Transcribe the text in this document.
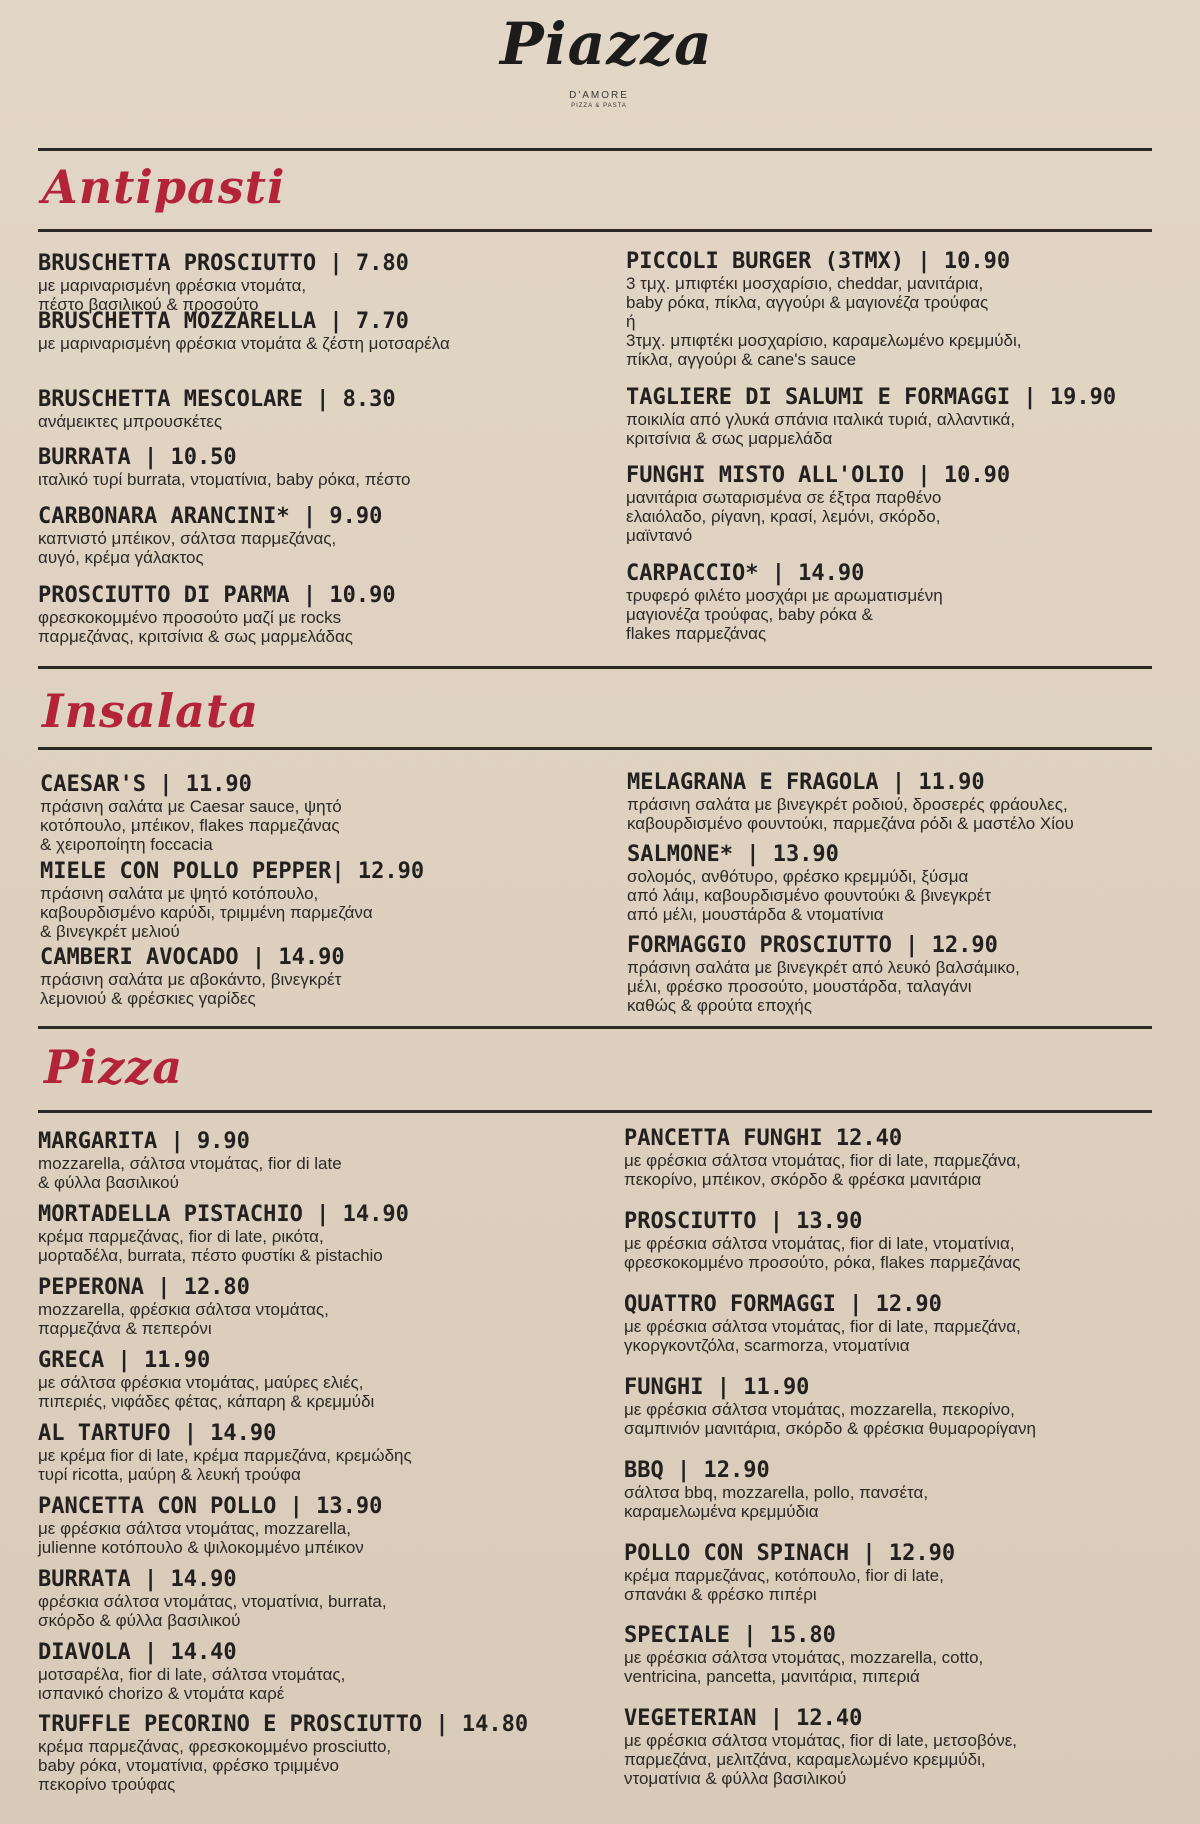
Piazza
D'AMORE
PIZZA & PASTA
Antipasti
BRUSCHETTA PROSCIUTTO | 7.80
με μαριναρισμένη φρέσκια ντομάτα,
πέστο βασιλικού & προσούτο
BRUSCHETTA MOZZARELLA | 7.70
με μαριναρισμένη φρέσκια ντομάτα & ζέστη μοτσαρέλα
BRUSCHETTA MESCOLARE | 8.30
ανάμεικτες μπρουσκέτες
BURRATA | 10.50
ιταλικό τυρί burrata, ντοματίνια, baby ρόκα, πέστο
CARBONARA ARANCINI* | 9.90
καπνιστό μπέικον, σάλτσα παρμεζάνας,
αυγό, κρέμα γάλακτος
PROSCIUTTO DI PARMA | 10.90
φρεσκοκομμένο προσούτο μαζί με rocks
παρμεζάνας, κριτσίνια & σως μαρμελάδας
PICCOLI BURGER (3TMX) | 10.90
3 τμχ. μπιφτέκι μοσχαρίσιο, cheddar, μανιτάρια,
baby ρόκα, πίκλα, αγγούρι & μαγιονέζα τρούφας
ή
3τμχ. μπιφτέκι μοσχαρίσιο, καραμελωμένο κρεμμύδι,
πίκλα, αγγούρι & cane's sauce
TAGLIERE DI SALUMI E FORMAGGI | 19.90
ποικιλία από γλυκά σπάνια ιταλικά τυριά, αλλαντικά,
κριτσίνια & σως μαρμελάδα
FUNGHI MISTO ALL'OLIO | 10.90
μανιτάρια σωταρισμένα σε έξτρα παρθένο
ελαιόλαδο, ρίγανη, κρασί, λεμόνι, σκόρδο,
μαϊντανό
CARPACCIO* | 14.90
τρυφερό φιλέτο μοσχάρι με αρωματισμένη
μαγιονέζα τρούφας, baby ρόκα &
flakes παρμεζάνας
Insalata
CAESAR'S | 11.90
πράσινη σαλάτα με Caesar sauce, ψητό
κοτόπουλο, μπέικον, flakes παρμεζάνας
& χειροποίητη foccacia
MIELE CON POLLO PEPPER| 12.90
πράσινη σαλάτα με ψητό κοτόπουλο,
καβουρδισμένο καρύδι, τριμμένη παρμεζάνα
& βινεγκρέτ μελιού
CAMBERI AVOCADO | 14.90
πράσινη σαλάτα με αβοκάντο, βινεγκρέτ
λεμονιού & φρέσκιες γαρίδες
MELAGRANA E FRAGOLA | 11.90
πράσινη σαλάτα με βινεγκρέτ ροδιού, δροσερές φράουλες,
καβουρδισμένο φουντούκι, παρμεζάνα ρόδι & μαστέλο Χίου
SALMONE* | 13.90
σολομός, ανθότυρο, φρέσκο κρεμμύδι, ξύσμα
από λάιμ, καβουρδισμένο φουντούκι & βινεγκρέτ
από μέλι, μουστάρδα & ντοματίνια
FORMAGGIO PROSCIUTTO | 12.90
πράσινη σαλάτα με βινεγκρέτ από λευκό βαλσάμικο,
μέλι, φρέσκο προσούτο, μουστάρδα, ταλαγάνι
καθώς & φρούτα εποχής
Pizza
MARGARITA | 9.90
mozzarella, σάλτσα ντομάτας, fior di late
& φύλλα βασιλικού
MORTADELLA PISTACHIO | 14.90
κρέμα παρμεζάνας, fior di late, ρικότα,
μορταδέλα, burrata, πέστο φυστίκι & pistachio
PEPERONA | 12.80
mozzarella, φρέσκια σάλτσα ντομάτας,
παρμεζάνα & πεπερόνι
GRECA | 11.90
με σάλτσα φρέσκια ντομάτας, μαύρες ελιές,
πιπεριές, νιφάδες φέτας, κάπαρη & κρεμμύδι
AL TARTUFO | 14.90
με κρέμα fior di late, κρέμα παρμεζάνα, κρεμώδης
τυρί ricotta, μαύρη & λευκή τρούφα
PANCETTA CON POLLO | 13.90
με φρέσκια σάλτσα ντομάτας, mozzarella,
julienne κοτόπουλο & ψιλοκομμένο μπέικον
BURRATA | 14.90
φρέσκια σάλτσα ντομάτας, ντοματίνια, burrata,
σκόρδο & φύλλα βασιλικού
DIAVOLA | 14.40
μοτσαρέλα, fior di late, σάλτσα ντομάτας,
ισπανικό chorizo & ντομάτα καρέ
TRUFFLE PECORINO E PROSCIUTTO | 14.80
κρέμα παρμεζάνας, φρεσκοκομμένο prosciutto,
baby ρόκα, ντοματίνια, φρέσκο τριμμένο
πεκορίνο τρούφας
PANCETTA FUNGHI 12.40
με φρέσκια σάλτσα ντομάτας, fior di late, παρμεζάνα,
πεκορίνο, μπέικον, σκόρδο & φρέσκα μανιτάρια
PROSCIUTTO | 13.90
με φρέσκια σάλτσα ντομάτας, fior di late, ντοματίνια,
φρεσκοκομμένο προσούτο, ρόκα, flakes παρμεζάνας
QUATTRO FORMAGGI | 12.90
με φρέσκια σάλτσα ντομάτας, fior di late, παρμεζάνα,
γκοργκοντζόλα, scarmorza, ντοματίνια
FUNGHI | 11.90
με φρέσκια σάλτσα ντομάτας, mozzarella, πεκορίνο,
σαμπινιόν μανιτάρια, σκόρδο & φρέσκια θυμαρορίγανη
BBQ | 12.90
σάλτσα bbq, mozzarella, pollo, πανσέτα,
καραμελωμένα κρεμμύδια
POLLO CON SPINACH | 12.90
κρέμα παρμεζάνας, κοτόπουλο, fior di late,
σπανάκι & φρέσκο πιπέρι
SPECIALE | 15.80
με φρέσκια σάλτσα ντομάτας, mozzarella, cotto,
ventricina, pancetta, μανιτάρια, πιπεριά
VEGETERIAN | 12.40
με φρέσκια σάλτσα ντομάτας, fior di late, μετσοβόνε,
παρμεζάνα, μελιτζάνα, καραμελωμένο κρεμμύδι,
ντοματίνια & φύλλα βασιλικού
